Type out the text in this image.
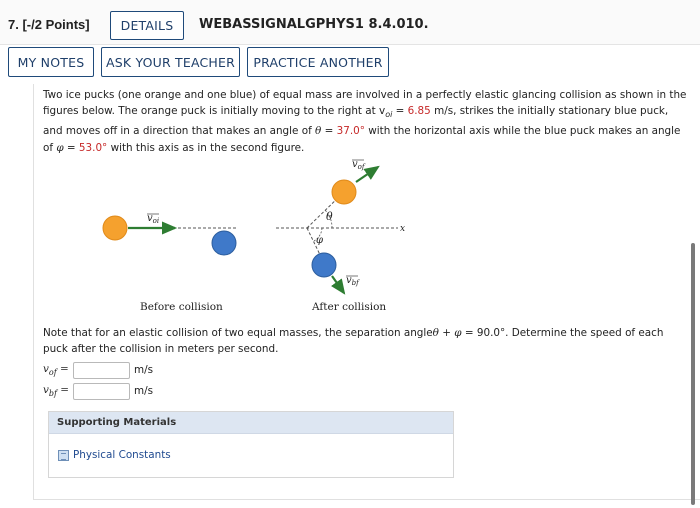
7. [-/2 Points]	DETAILS	WEBASSIGNALGPHYS1 8.4.010.
MY NOTES	ASK YOUR TEACHER	PRACTICE ANOTHER
Two ice pucks (one orange and one blue) of equal mass are involved in a perfectly elastic glancing collision as shown in the figures below. The orange puck is initially moving to the right at $v_{oi} = 6.85$ m/s, strikes the initially stationary blue puck, and moves off in a direction that makes an angle of θ = 37.0° with the horizontal axis while the blue puck makes an angle of φ = 53.0° with this axis as in the second figure.
$v_{oi}$
Before collision
x
θ
φ
$v_{of}$
$v_{bf}$
After collision
Note that for an elastic collision of two equal masses, the separation angleθ + φ = 90.0°. Determine the speed of each puck after the collision in meters per second.
$v_{of}$ =	m/s
$v_{bf}$ =	m/s
Supporting Materials
Physical Constants
